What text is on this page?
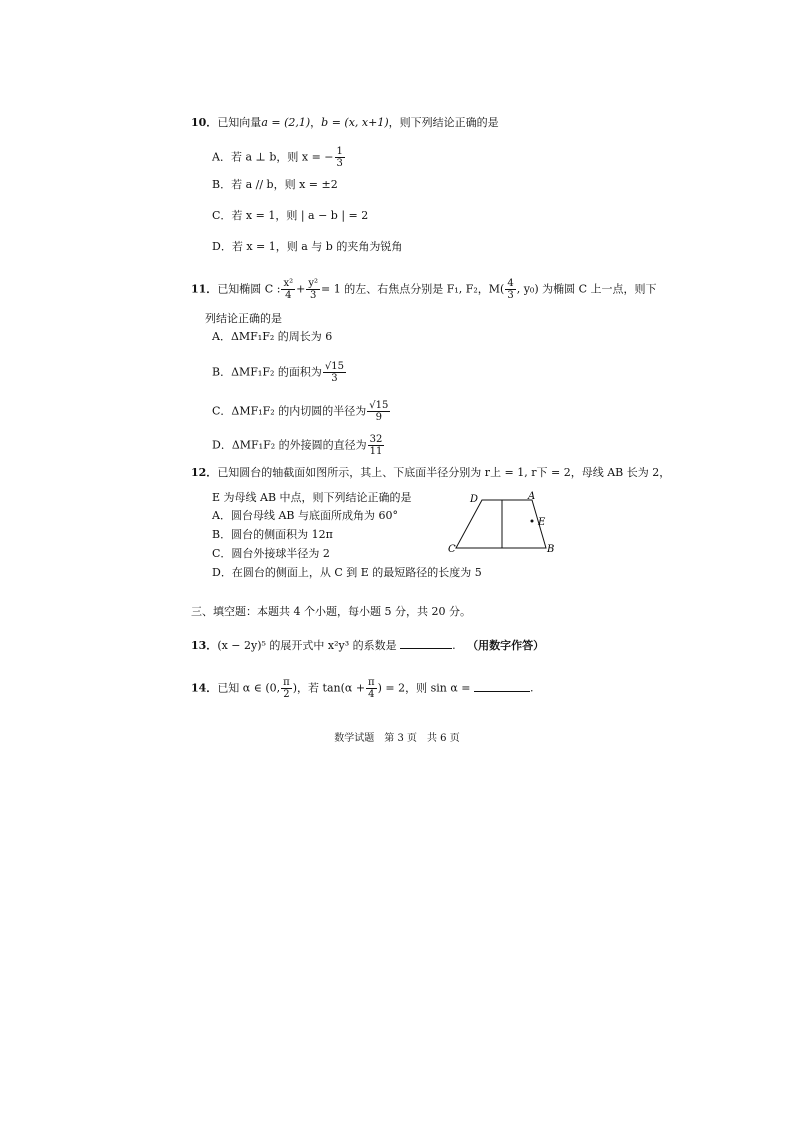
10．已知向量a = (2,1)，b = (x, x+1)，则下列结论正确的是
A．若 a ⊥ b，则 x = − $\frac{1}{3}$
B．若 a // b，则 x = ±2
C．若 x = 1，则 | a − b | = 2
D．若 x = 1，则 a 与 b 的夹角为锐角
11．已知椭圆 C : $\frac{\text{x²}}{4} + \frac{\text{y²}}{3} = 1$ 的左、右焦点分别是 F₁, F₂，$M( \frac{4}{3}$ , y₀) 为椭圆 C 上一点，则下
列结论正确的是
A．ΔMF₁F₂ 的周长为 6
B．ΔMF₁F₂ 的面积为 $\frac{√15}{3}$
C．ΔMF₁F₂ 的内切圆的半径为 $\frac{√15}{9}$
D．ΔMF₁F₂ 的外接圆的直径为 $\frac{32}{11}$
12．已知圆台的轴截面如图所示，其上、下底面半径分别为 r上 = 1, r下 = 2，母线 AB 长为 2，
E 为母线 AB 中点，则下列结论正确的是
A．圆台母线 AB 与底面所成角为 60°
B．圆台的侧面积为 12π
C．圆台外接球半径为 2
D．在圆台的侧面上，从 C 到 E 的最短路径的长度为 5
D	A
E
C	B
三、填空题：本题共 4 个小题，每小题 5 分，共 20 分。
13．(x − 2y)⁵ 的展开式中 x²y³ 的系数是	. （用数字作答）
14．已知 α ∈ (0, $\frac{\pi}{2}$ )，若 $\tan(\alpha + \frac{\pi}{4}$ ) = 2，则 sin α =	.
数学试题　第 3 页　共 6 页
